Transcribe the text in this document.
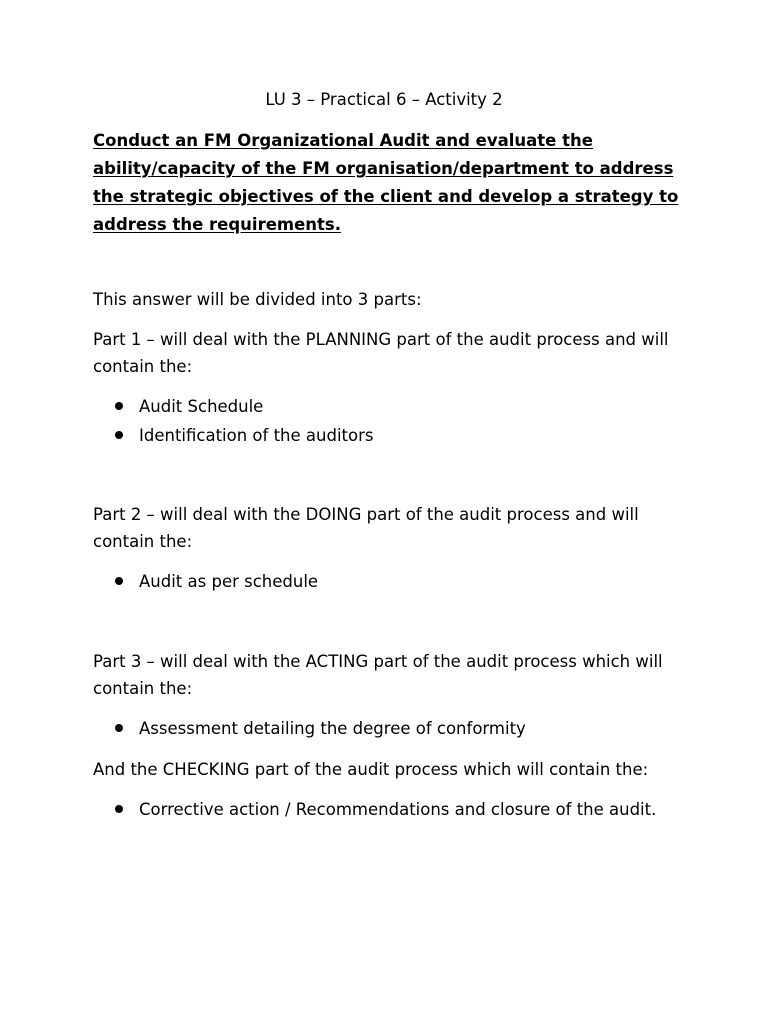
LU 3 – Practical 6 – Activity 2
Conduct an FM Organizational Audit and evaluate the ability/capacity of the FM organisation/department to address the strategic objectives of the client and develop a strategy to address the requirements.
This answer will be divided into 3 parts:
Part 1 – will deal with the PLANNING part of the audit process and will contain the:
Audit Schedule
Identification of the auditors
Part 2 – will deal with the DOING part of the audit process and will contain the:
Audit as per schedule
Part 3 – will deal with the ACTING part of the audit process which will contain the:
Assessment detailing the degree of conformity
And the CHECKING part of the audit process which will contain the:
Corrective action / Recommendations and closure of the audit.
